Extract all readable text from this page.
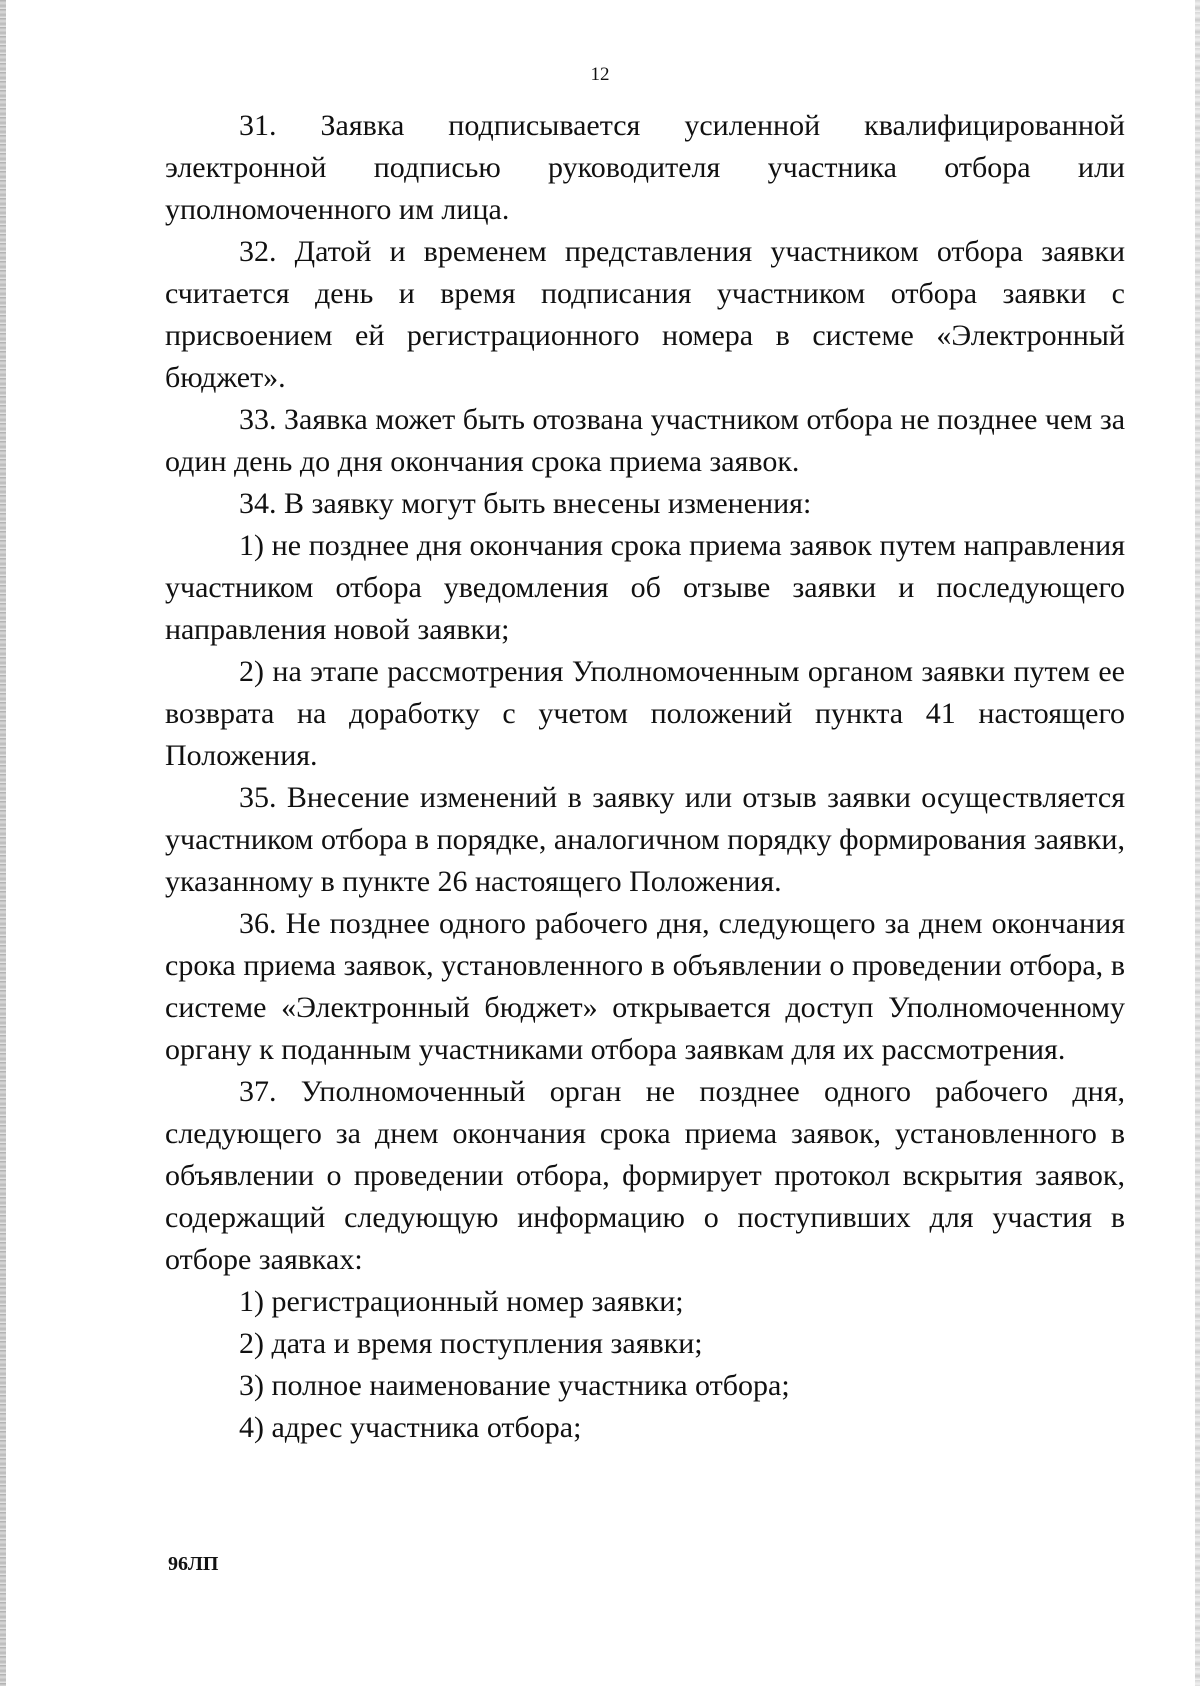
12

31. Заявка подписывается усиленной квалифицированной электронной подписью руководителя участника отбора или уполномоченного им лица.

32. Датой и временем представления участником отбора заявки считается день и время подписания участником отбора заявки с присвоением ей регистрационного номера в системе «Электронный бюджет».

33. Заявка может быть отозвана участником отбора не позднее чем за один день до дня окончания срока приема заявок.

34. В заявку могут быть внесены изменения:

1) не позднее дня окончания срока приема заявок путем направления участником отбора уведомления об отзыве заявки и последующего направления новой заявки;

2) на этапе рассмотрения Уполномоченным органом заявки путем ее возврата на доработку с учетом положений пункта 41 настоящего Положения.

35. Внесение изменений в заявку или отзыв заявки осуществляется участником отбора в порядке, аналогичном порядку формирования заявки, указанному в пункте 26 настоящего Положения.

36. Не позднее одного рабочего дня, следующего за днем окончания срока приема заявок, установленного в объявлении о проведении отбора, в системе «Электронный бюджет» открывается доступ Уполномоченному органу к поданным участниками отбора заявкам для их рассмотрения.

37. Уполномоченный орган не позднее одного рабочего дня, следующего за днем окончания срока приема заявок, установленного в объявлении о проведении отбора, формирует протокол вскрытия заявок, содержащий следующую информацию о поступивших для участия в отборе заявках:

1) регистрационный номер заявки;

2) дата и время поступления заявки;

3) полное наименование участника отбора;

4) адрес участника отбора;

96ЛП
